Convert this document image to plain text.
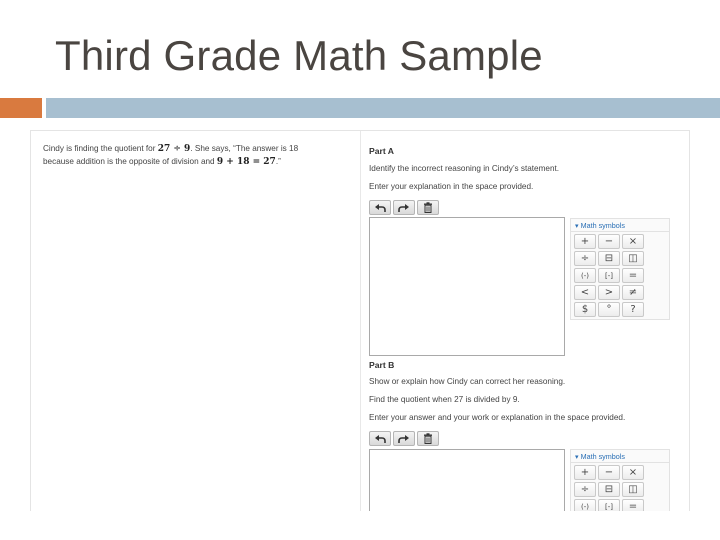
Third Grade Math Sample
Cindy is finding the quotient for 27 ÷ 9. She says, “The answer is 18
because addition is the opposite of division and 9 + 18 = 27.”
Part A
Identify the incorrect reasoning in Cindy’s statement.
Enter your explanation in the space provided.
▾ Math symbols
+	−	×
÷	⊟	◫
(-)	[-]	=
<	>	≠
$	°	?
Part B
Show or explain how Cindy can correct her reasoning.
Find the quotient when 27 is divided by 9.
Enter your answer and your work or explanation in the space provided.
▾ Math symbols
+	−	×
÷	⊟	◫
(-)	[-]	=
